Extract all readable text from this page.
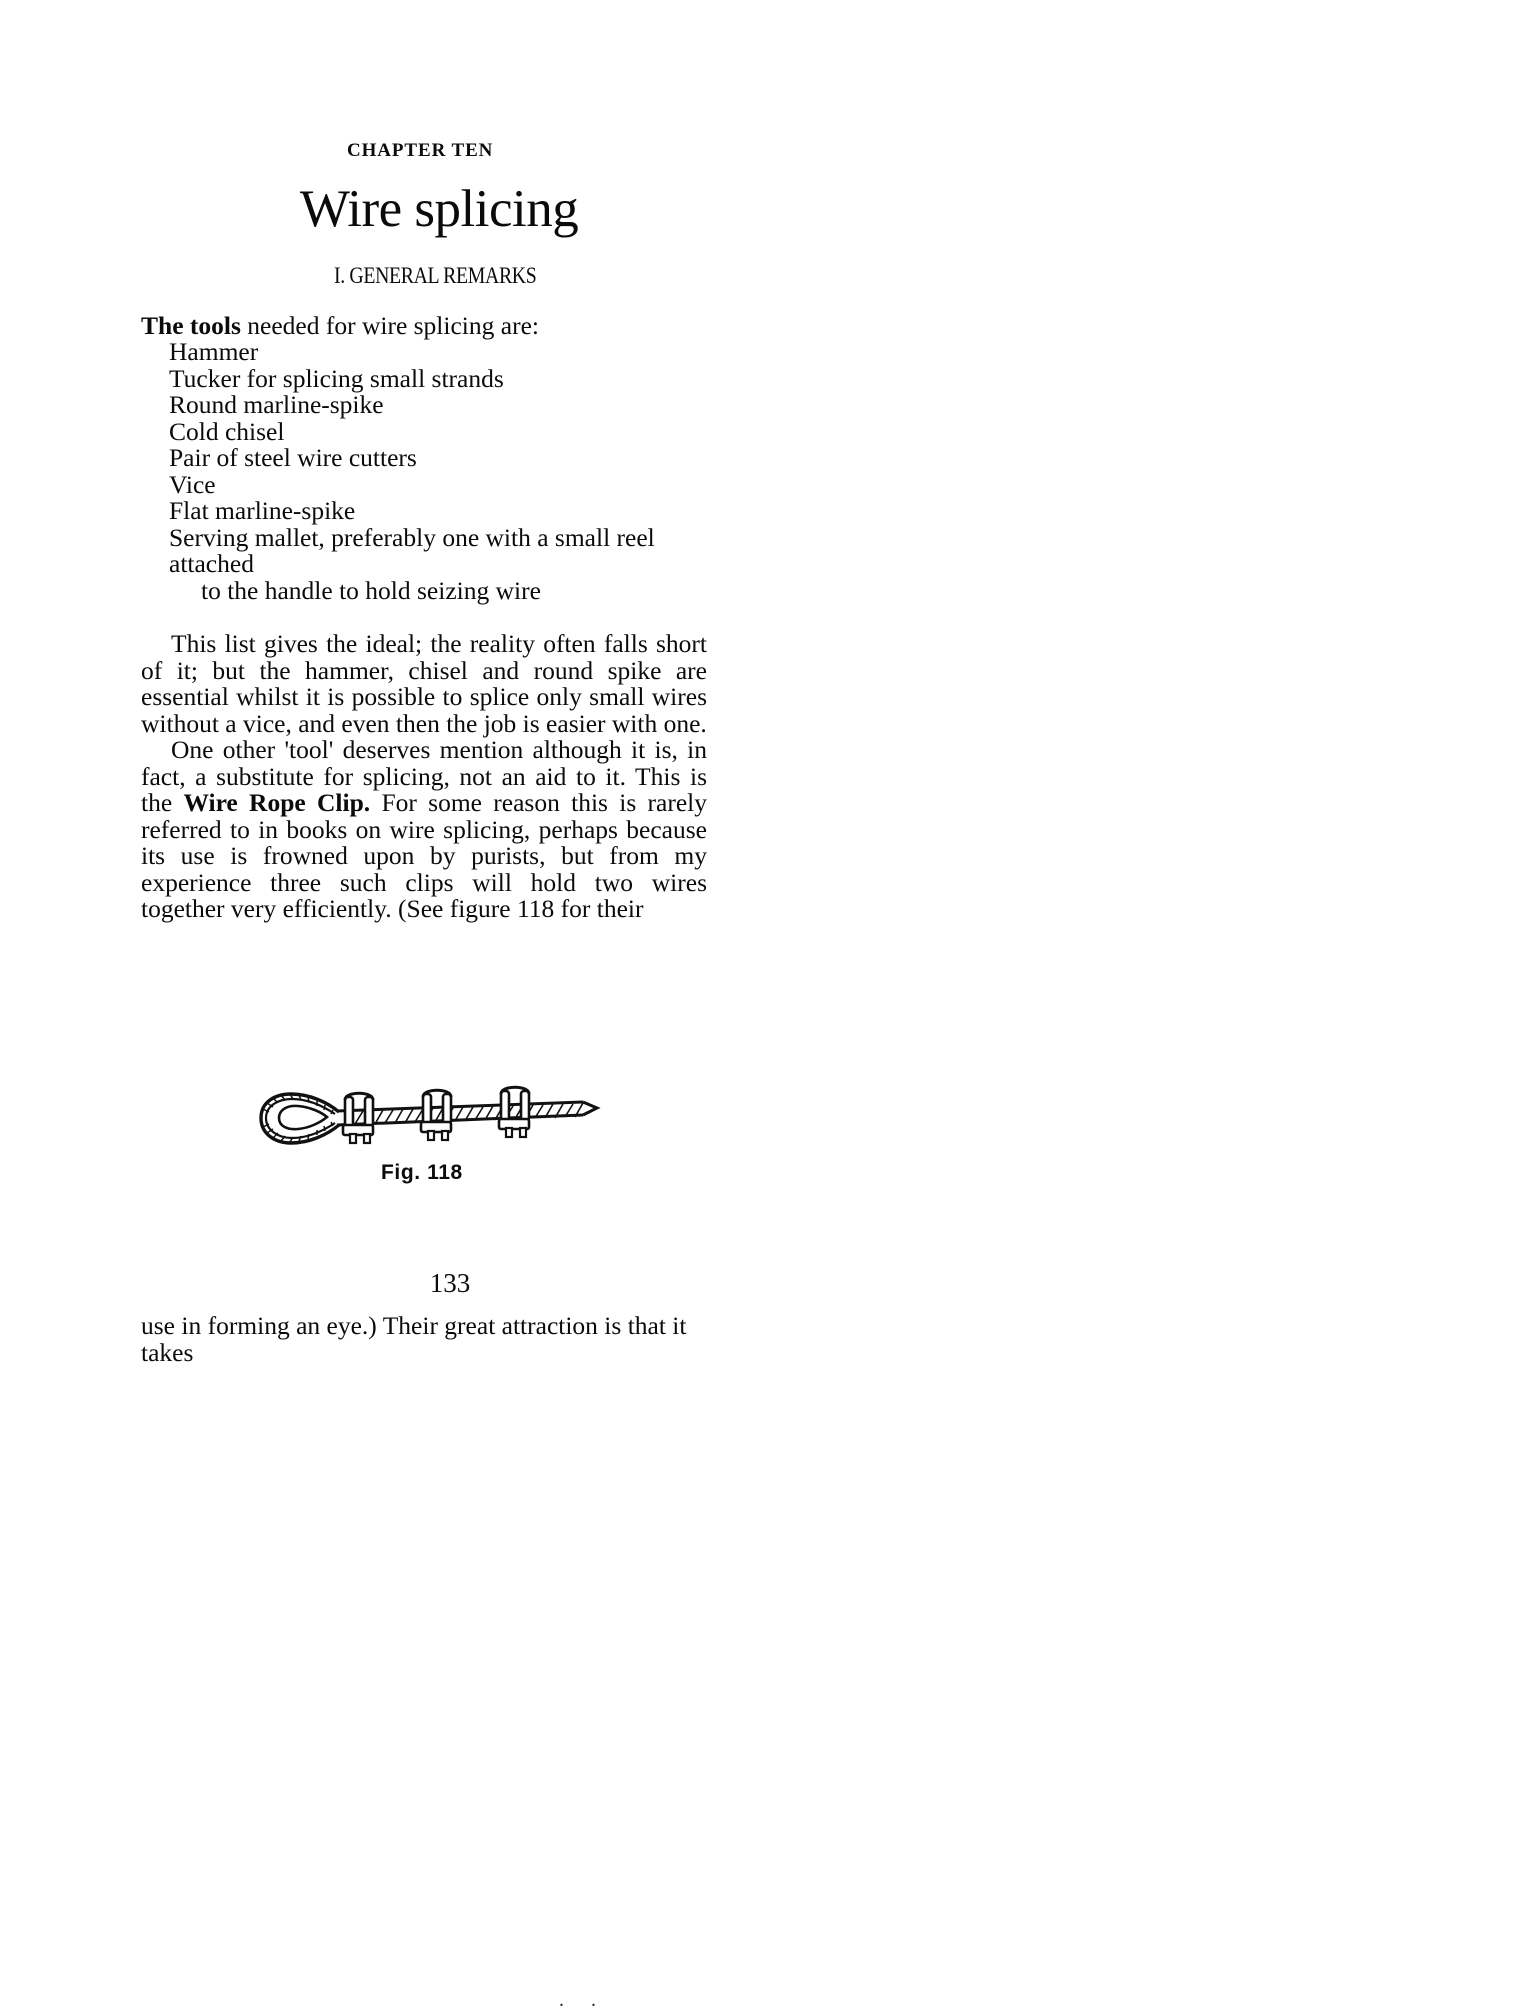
CHAPTER TEN
Wire splicing
I. GENERAL REMARKS

The tools needed for wire splicing are:

Hammer
Tucker for splicing small strands
Round marline-spike
Cold chisel
Pair of steel wire cutters
Vice
Flat marline-spike
Serving mallet, preferably one with a small reel attached
to the handle to hold seizing wire

This list gives the ideal; the reality often falls short of it; but the hammer, chisel and round spike are essential whilst it is possible to splice only small wires without a vice, and even then the job is easier with one.

One other 'tool' deserves mention although it is, in fact, a substitute for splicing, not an aid to it. This is the Wire Rope Clip. For some reason this is rarely referred to in books on wire splicing, perhaps because its use is frowned upon by purists, but from my experience three such clips will hold two wires together very efficiently. (See figure 118 for their

Fig. 118

. .
133
use in forming an eye.) Their great attraction is that it takes
